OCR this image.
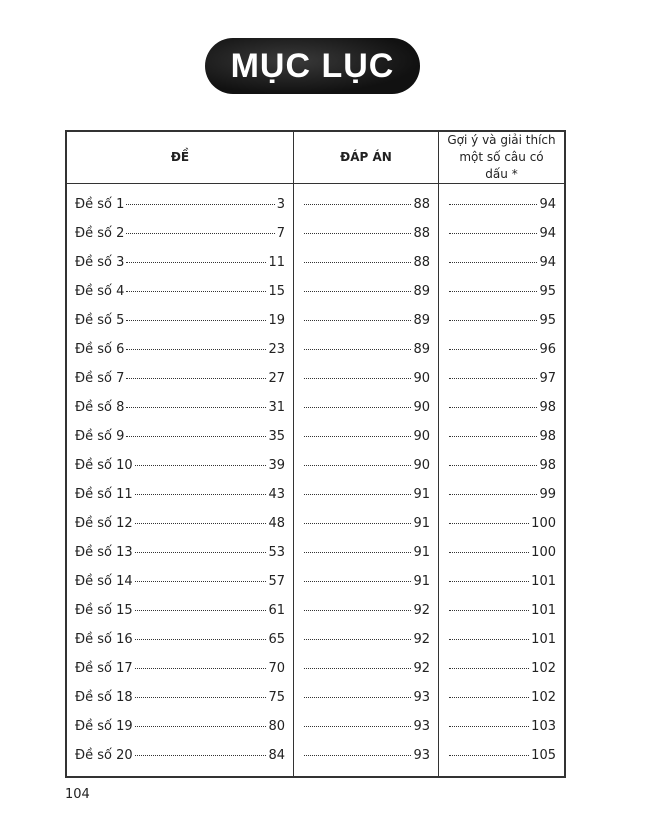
MỤC LỤC
ĐỀ	ĐÁP ÁN	Gợi ý và giải thích
một số câu có dấu *

Đề số 1 3	88	94

Đề số 2 7	88	94

Đề số 3 11	88	94

Đề số 4 15	89	95

Đề số 5 19	89	95

Đề số 6 23	89	96

Đề số 7 27	90	97

Đề số 8 31	90	98

Đề số 9 35	90	98

Đề số 10 39	90	98

Đề số 11 43	91	99

Đề số 12 48	91	100

Đề số 13 53	91	100

Đề số 14 57	91	101

Đề số 15 61	92	101

Đề số 16 65	92	101

Đề số 17 70	92	102

Đề số 18 75	93	102

Đề số 19 80	93	103

Đề số 20 84	93	105
104
